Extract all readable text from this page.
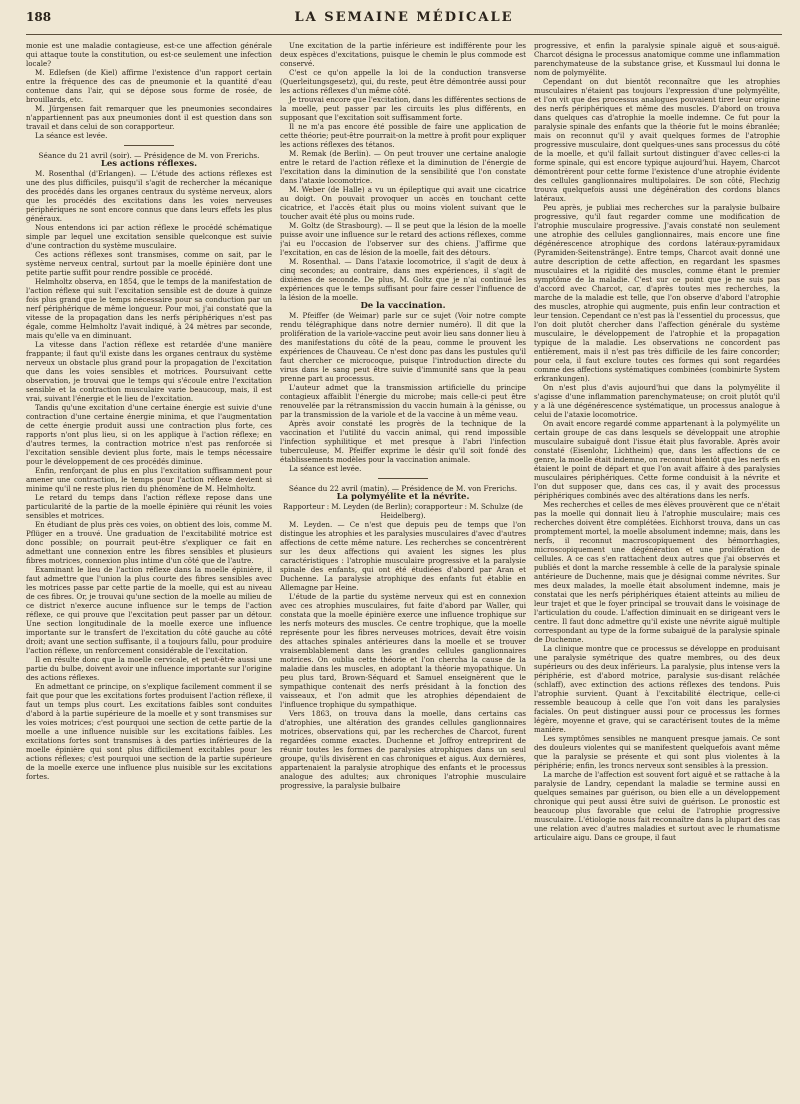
188	LA SEMAINE MÉDICALE

monie est une maladie contagieuse, est-ce une affection générale qui attaque toute la constitution, ou est-ce seulement une infection locale?

M. Edlefsen (de Kiel) affirme l'existence d'un rapport certain entre la fréquence des cas de pneumonie et la quantité d'eau contenue dans l'air, qui se dépose sous forme de rosée, de brouillards, etc.

M. Jürgensen fait remarquer que les pneumonies secondaires n'appartiennent pas aux pneumonies dont il est question dans son travail et dans celui de son corapporteur.

La séance est levée.

Séance du 21 avril (soir). — Présidence de M. von Frerichs.

Les actions réflexes.

M. Rosenthal (d'Erlangen). — L'étude des actions réflexes est une des plus difficiles, puisqu'il s'agit de rechercher la mécanique des procédés dans les organes centraux du système nerveux, alors que les procédés des excitations dans les voies nerveuses périphériques ne sont encore connus que dans leurs effets les plus généraux.

Nous entendons ici par action réflexe le procédé schématique simple par lequel une excitation sensible quelconque est suivie d'une contraction du système musculaire.

Ces actions réflexes sont transmises, comme on sait, par le système nerveux central, surtout par la moelle épinière dont une petite partie suffit pour rendre possible ce procédé.

Helmholtz observa, en 1854, que le temps de la manifestation de l'action réflexe qui suit l'excitation sensible est de douze à quinze fois plus grand que le temps nécessaire pour sa conduction par un nerf périphérique de même longueur. Pour moi, j'ai constaté que la vitesse de la propagation dans les nerfs périphériques n'est pas égale, comme Helmholtz l'avait indiqué, à 24 mètres par seconde, mais qu'elle va en diminuant.

La vitesse dans l'action réflexe est retardée d'une manière frappante; il faut qu'il existe dans les organes centraux du système nerveux un obstacle plus grand pour la propagation de l'excitation que dans les voies sensibles et motrices. Poursuivant cette observation, je trouvai que le temps qui s'écoule entre l'excitation sensible et la contraction musculaire varie beaucoup, mais, il est vrai, suivant l'énergie et le lieu de l'excitation.

Tandis qu'une excitation d'une certaine énergie est suivie d'une contraction d'une certaine énergie minima, et que l'augmentation de cette énergie produit aussi une contraction plus forte, ces rapports n'ont plus lieu, si on les applique à l'action réflexe; en d'autres termes, la contraction motrice n'est pas renforcée si l'excitation sensible devient plus forte, mais le temps nécessaire pour le développement de ces procédés diminue.

Enfin, renforçant de plus en plus l'excitation suffisamment pour amener une contraction, le temps pour l'action réflexe devient si minime qu'il ne reste plus rien du phénomène de M. Helmholtz.

Le retard du temps dans l'action réflexe repose dans une particularité de la partie de la moelle épinière qui réunit les voies sensibles et motrices.

En étudiant de plus près ces voies, on obtient des lois, comme M. Pflüger en a trouvé. Une graduation de l'excitabilité motrice est donc possible; on pourrait peut-être s'expliquer ce fait en admettant une connexion entre les fibres sensibles et plusieurs fibres motrices, connexion plus intime d'un côté que de l'autre.

Examinant le lieu de l'action réflexe dans la moelle épinière, il faut admettre que l'union la plus courte des fibres sensibles avec les motrices passe par cette partie de la moelle, qui est au niveau de ces fibres. Or, je trouvai qu'une section de la moelle au milieu de ce district n'exerce aucune influence sur le temps de l'action réflexe, ce qui prouve que l'excitation peut passer par un détour. Une section longitudinale de la moelle exerce une influence importante sur le transfert de l'excitation du côté gauche au côté droit; avant une section suffisante, il a toujours fallu, pour produire l'action réflexe, un renforcement considérable de l'excitation.

Il en résulte donc que la moelle cervicale, et peut-être aussi une partie du bulbe, doivent avoir une influence importante sur l'origine des actions réflexes.

En admettant ce principe, on s'explique facilement comment il se fait que pour que les excitations fortes produisent l'action réflexe, il faut un temps plus court. Les excitations faibles sont conduites d'abord à la partie supérieure de la moelle et y sont transmises sur les voies motrices; c'est pourquoi une section de cette partie de la moelle a une influence nuisible sur les excitations faibles. Les excitations fortes sont transmises à des parties inférieures de la moelle épinière qui sont plus difficilement excitables pour les actions réflexes; c'est pourquoi une section de la partie supérieure de la moelle exerce une influence plus nuisible sur les excitations fortes.

Une excitation de la partie inférieure est indifférente pour les deux espèces d'excitations, puisque le chemin le plus commode est conservé.

C'est ce qu'on appelle la loi de la conduction transverse (Querleitungsgesetz), qui, du reste, peut être démontrée aussi pour les actions réflexes d'un même côté.

Je trouvai encore que l'excitation, dans les différentes sections de la moelle, peut passer par les circuits les plus différents, en supposant que l'excitation soit suffisamment forte.

Il ne m'a pas encore été possible de faire une application de cette théorie; peut-être pourrait-on la mettre à profit pour expliquer les actions réflexes des tétanos.

M. Remak (de Berlin). — On peut trouver une certaine analogie entre le retard de l'action réflexe et la diminution de l'énergie de l'excitation dans la diminution de la sensibilité que l'on constate dans l'ataxie locomotrice.

M. Weber (de Halle) a vu un épileptique qui avait une cicatrice au doigt. On pouvait provoquer un accès en touchant cette cicatrice, et l'accès était plus ou moins violent suivant que le toucher avait été plus ou moins rude.

M. Goltz (de Strasbourg). — Il se peut que la lésion de la moelle puisse avoir une influence sur le retard des actions réflexes, comme j'ai eu l'occasion de l'observer sur des chiens. J'affirme que l'excitation, en cas de lésion de la moelle, fait des détours.

M. Rosenthal. — Dans l'ataxie locomotrice, il s'agit de deux à cinq secondes; au contraire, dans mes expériences, il s'agit de dixièmes de seconde. De plus, M. Goltz que je n'ai continué les expériences que le temps suffisant pour faire cesser l'influence de la lésion de la moelle.

De la vaccination.

M. Pfeiffer (de Weimar) parle sur ce sujet (Voir notre compte rendu télégraphique dans notre dernier numéro). Il dit que la prolifération de la variole-vaccine peut avoir lieu sans donner lieu à des manifestations du côté de la peau, comme le prouvent les expériences de Chauveau. Ce n'est donc pas dans les pustules qu'il faut chercher ce microcoque, puisque l'introduction directe du virus dans le sang peut être suivie d'immunité sans que la peau prenne part au processus.

L'auteur admet que la transmission artificielle du principe contagieux affaiblit l'énergie du microbe; mais celle-ci peut être renouvelée par la rétransmission du vaccin humain à la génisse, ou par la transmission de la variole et de la vaccine à un même veau.

Après avoir constaté les progrès de la technique de la vaccination et l'utilité du vaccin animal, qui rend impossible l'infection syphilitique et met presque à l'abri l'infection tuberculeuse, M. Pfeiffer exprime le désir qu'il soit fondé des établissements modèles pour la vaccination animale.

La séance est levée.

Séance du 22 avril (matin). — Présidence de M. von Frerichs.

La polymyélite et la névrite.

Rapporteur : M. Leyden (de Berlin); corapporteur : M. Schulze (de Heidelberg).

M. Leyden. — Ce n'est que depuis peu de temps que l'on distingue les atrophies et les paralysies musculaires d'avec d'autres affections de cette même nature. Les recherches se concentrèrent sur les deux affections qui avaient les signes les plus caractéristiques : l'atrophie musculaire progressive et la paralysie spinale des enfants, qui ont été étudiées d'abord par Aran et Duchenne. La paralysie atrophique des enfants fut établie en Allemagne par Heine.

L'étude de la partie du système nerveux qui est en connexion avec ces atrophies musculaires, fut faite d'abord par Waller, qui constata que la moelle épinière exerce une influence trophique sur les nerfs moteurs des muscles. Ce centre trophique, que la moelle représente pour les fibres nerveuses motrices, devait être voisin des attaches spinales antérieures dans la moelle et se trouver vraisemblablement dans les grandes cellules ganglionnaires motrices. On oublia cette théorie et l'on chercha la cause de la maladie dans les muscles, en adoptant la théorie myopathique. Un peu plus tard, Brown-Séquard et Samuel enseignèrent que le sympathique contenait des nerfs présidant à la fonction des vaisseaux, et l'on admit que les atrophies dépendaient de l'influence trophique du sympathique.

Vers 1863, on trouva dans la moelle, dans certains cas d'atrophies, une altération des grandes cellules ganglionnaires motrices, observations qui, par les recherches de Charcot, furent regardées comme exactes. Duchenne et Joffroy entreprirent de réunir toutes les formes de paralysies atrophiques dans un seul groupe, qu'ils divisèrent en cas chroniques et aigus. Aux dernières, appartenaient la paralysie atrophique des enfants et le processus analogue des adultes; aux chroniques l'atrophie musculaire progressive, la paralysie bulbaire

progressive, et enfin la paralysie spinale aiguë et sous-aiguë. Charcot désigna le processus anatomique comme une inflammation parenchymateuse de la substance grise, et Kussmaul lui donna le nom de polymyélite.

Cependant on dut bientôt reconnaître que les atrophies musculaires n'étaient pas toujours l'expression d'une polymyélite, et l'on vit que des processus analogues pouvaient tirer leur origine des nerfs périphériques et même des muscles. D'abord on trouva dans quelques cas d'atrophie la moelle indemne. Ce fut pour la paralysie spinale des enfants que la théorie fut le moins ébranlée; mais on reconnut qu'il y avait quelques formes de l'atrophie progressive musculaire, dont quelques-unes sans processus du côté de la moelle, et qu'il fallait surtout distinguer d'avec celles-ci la forme spinale, qui est encore typique aujourd'hui. Hayem, Charcot démontrèrent pour cette forme l'existence d'une atrophie évidente des cellules ganglionnaires multipolaires. De son côté, Flechzig trouva quelquefois aussi une dégénération des cordons blancs latéraux.

Peu après, je publiai mes recherches sur la paralysie bulbaire progressive, qu'il faut regarder comme une modification de l'atrophie musculaire progressive. J'avais constaté non seulement une atrophie des cellules ganglionnaires, mais encore une fine dégénérescence atrophique des cordons latéraux-pyramidaux (Pyramiden-Seitenstränge). Entre temps, Charcot avait donné une autre description de cette affection, en regardant les spasmes musculaires et la rigidité des muscles, comme étant le premier symptôme de la maladie. C'est sur ce point que je ne suis pas d'accord avec Charcot, car, d'après toutes mes recherches, la marche de la maladie est telle, que l'on observe d'abord l'atrophie des muscles, atrophie qui augmente, puis enfin leur contraction et leur tension. Cependant ce n'est pas là l'essentiel du processus, que l'on doit plutôt chercher dans l'affection générale du système musculaire, le développement de l'atrophie et la propagation typique de la maladie. Les observations ne concordent pas entièrement, mais il n'est pas très difficile de les faire concorder; pour cela, il faut exclure toutes ces formes qui sont regardées comme des affections systématiques combinées (combinirte System erkrankungen).

On n'est plus d'avis aujourd'hui que dans la polymyélite il s'agisse d'une inflammation parenchymateuse; on croit plutôt qu'il y a là une dégénérescence systématique, un processus analogue à celui de l'ataxie locomotrice.

On avait encore regardé comme appartenant à la polymyélite un certain groupe de cas dans lesquels se développait une atrophie musculaire subaiguë dont l'issue était plus favorable. Après avoir constaté (Eisenlohr, Lichtheim) que, dans les affections de ce genre, la moelle était indemne, on reconnut bientôt que les nerfs en étaient le point de départ et que l'on avait affaire à des paralysies musculaires périphériques. Cette forme conduisit à la névrite et l'on dut supposer que, dans ces cas, il y avait des processus périphériques combinés avec des altérations dans les nerfs.

Mes recherches et celles de mes élèves prouvèrent que ce n'était pas la moelle qui donnait lieu à l'atrophie musculaire; mais ces recherches doivent être complétées. Eichhorst trouva, dans un cas promptement mortel, la moelle absolument indemne; mais, dans les nerfs, il reconnut macroscopiquement des hémorrhagies, microscopiquement une dégénération et une prolifération de cellules. A ce cas s'en rattachent deux autres que j'ai observés et publiés et dont la marche ressemble à celle de la paralysie spinale antérieure de Duchenne, mais que je désignai comme névrites. Sur mes deux malades, la moelle était absolument indemne, mais je constatai que les nerfs périphériques étaient atteints au milieu de leur trajet et que le foyer principal se trouvait dans le voisinage de l'articulation du coude. L'affection diminuait en se dirigeant vers le centre. Il faut donc admettre qu'il existe une névrite aiguë multiple correspondant au type de la forme subaiguë de la paralysie spinale de Duchenne.

La clinique montre que ce processus se développe en produisant une paralysie symétrique des quatre membres, ou des deux supérieurs ou des deux inférieurs. La paralysie, plus intense vers la périphérie, est d'abord motrice, paralysie sus-disant relâchée (schlaff), avec extinction des actions réflexes des tendons. Puis l'atrophie survient. Quant à l'excitabilité électrique, celle-ci ressemble beaucoup à celle que l'on voit dans les paralysies faciales. On peut distinguer aussi pour ce processus les formes légère, moyenne et grave, qui se caractérisent toutes de la même manière.

Les symptômes sensibles ne manquent presque jamais. Ce sont des douleurs violentes qui se manifestent quelquefois avant même que la paralysie se présente et qui sont plus violentes à la périphérie; enfin, les troncs nerveux sont sensibles à la pression.

La marche de l'affection est souvent fort aiguë et se rattache à la paralysie de Landry, cependant la maladie se termine aussi en quelques semaines par guérison, ou bien elle a un développement chronique qui peut aussi être suivi de guérison. Le pronostic est beaucoup plus favorable que celui de l'atrophie progressive musculaire. L'étiologie nous fait reconnaître dans la plupart des cas une relation avec d'autres maladies et surtout avec le rhumatisme articulaire aigu. Dans ce groupe, il faut
